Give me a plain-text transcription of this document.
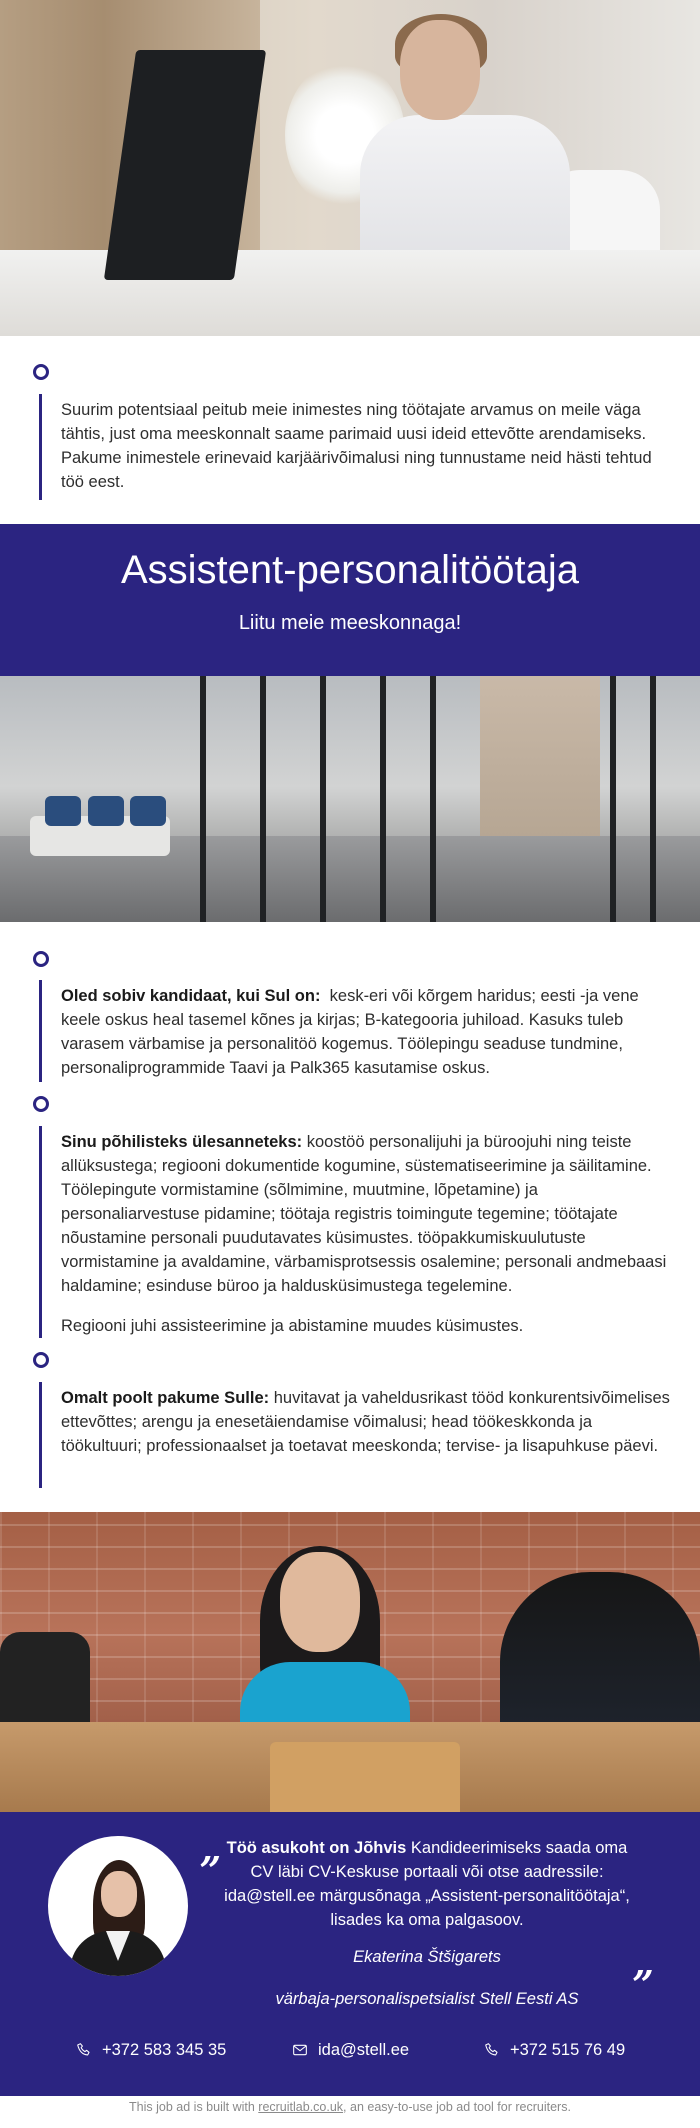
Suurim potentsiaal peitub meie inimestes ning töötajate arvamus on meile väga tähtis, just oma meeskonnalt saame parimaid uusi ideid ettevõtte arendamiseks. Pakume inimestele erinevaid karjäärivõimalusi ning tunnustame neid hästi tehtud töö eest.
Assistent-personalitöötaja

Liitu meie meeskonnaga!

Oled sobiv kandidaat, kui Sul on: kesk-eri või kõrgem haridus; eesti -ja vene keele oskus heal tasemel kõnes ja kirjas; B-kategooria juhiload. Kasuks tuleb varasem värbamise ja personalitöö kogemus. Töölepingu seaduse tundmine, personaliprogrammide Taavi ja Palk365 kasutamise oskus.
Sinu põhilisteks ülesanneteks: koostöö personalijuhi ja büroojuhi ning teiste allüksustega; regiooni dokumentide kogumine, süstematiseerimine ja säilitamine. Töölepingute vormistamine (sõlmimine, muutmine, lõpetamine) ja personaliarvestuse pidamine; töötaja registris toimingute tegemine; töötajate nõustamine personali puudutavates küsimustes. tööpakkumiskuulutuste vormistamine ja avaldamine, värbamisprotsessis osalemine; personali andmebaasi haldamine; esinduse büroo ja haldusküsimustega tegelemine.
Regiooni juhi assisteerimine ja abistamine muudes küsimustes.
Omalt poolt pakume Sulle: huvitavat ja vaheldusrikast tööd konkurentsivõimelises ettevõttes; arengu ja enesetäiendamise võimalusi; head töökeskkonda ja töökultuuri; professionaalset ja toetavat meeskonda; tervise- ja lisapuhkuse päevi.
„ Töö asukoht on Jõhvis Kandideerimiseks saada oma CV läbi CV-Keskuse portaali või otse aadressile: ida@stell.ee märgusõnaga „Assistent-personalitöötaja“, lisades ka oma palgasoov.
Ekaterina Štšigarets
värbaja-personalispetsialist Stell Eesti AS	”
+372 583 345 35	ida@stell.ee	+372 515 76 49
This job ad is built with recruitlab.co.uk, an easy-to-use job ad tool for recruiters.
